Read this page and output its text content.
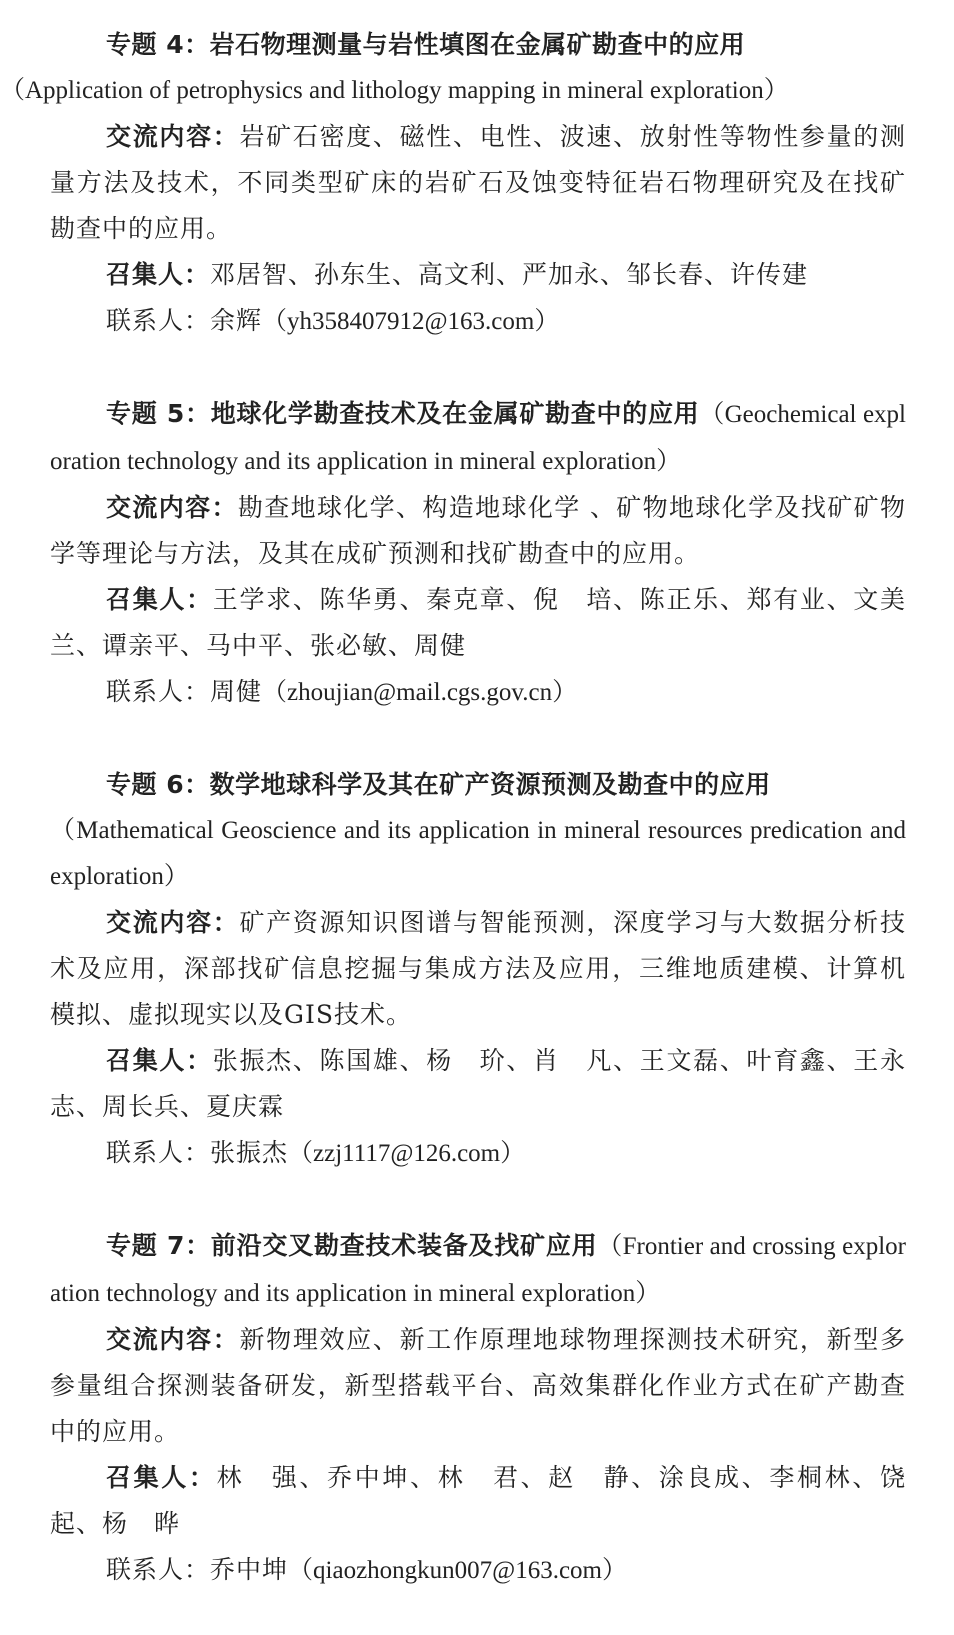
专题 4：岩石物理测量与岩性填图在金属矿勘查中的应用
（Application of petrophysics and lithology mapping in mineral exploration）

交流内容：岩矿石密度、磁性、电性、波速、放射性等物性参量的测量方法及技术，不同类型矿床的岩矿石及蚀变特征岩石物理研究及在找矿勘查中的应用。

召集人：邓居智、孙东生、高文利、严加永、邹长春、许传建

联系人：余辉（yh358407912@163.com）

专题 5：地球化学勘查技术及在金属矿勘查中的应用（Geochemical exploration technology and its application in mineral exploration）

交流内容：勘查地球化学、构造地球化学 、矿物地球化学及找矿矿物学等理论与方法，及其在成矿预测和找矿勘查中的应用。

召集人：王学求、陈华勇、秦克章、倪　培、陈正乐、郑有业、文美兰、谭亲平、马中平、张必敏、周健

联系人：周健（zhoujian@mail.cgs.gov.cn）

专题 6：数学地球科学及其在矿产资源预测及勘查中的应用
（Mathematical Geoscience and its application in mineral resources predication and exploration）

交流内容：矿产资源知识图谱与智能预测，深度学习与大数据分析技术及应用，深部找矿信息挖掘与集成方法及应用，三维地质建模、计算机模拟、虚拟现实以及GIS技术。

召集人：张振杰、陈国雄、杨　玠、肖　凡、王文磊、叶育鑫、王永志、周长兵、夏庆霖

联系人：张振杰（zzj1117@126.com）

专题 7：前沿交叉勘查技术装备及找矿应用（Frontier and crossing exploration technology and its application in mineral exploration）

交流内容：新物理效应、新工作原理地球物理探测技术研究，新型多参量组合探测装备研发，新型搭载平台、高效集群化作业方式在矿产勘查中的应用。

召集人：林　强、乔中坤、林　君、赵　静、涂良成、李桐林、饶　起、杨　晔

联系人：乔中坤（qiaozhongkun007@163.com）
